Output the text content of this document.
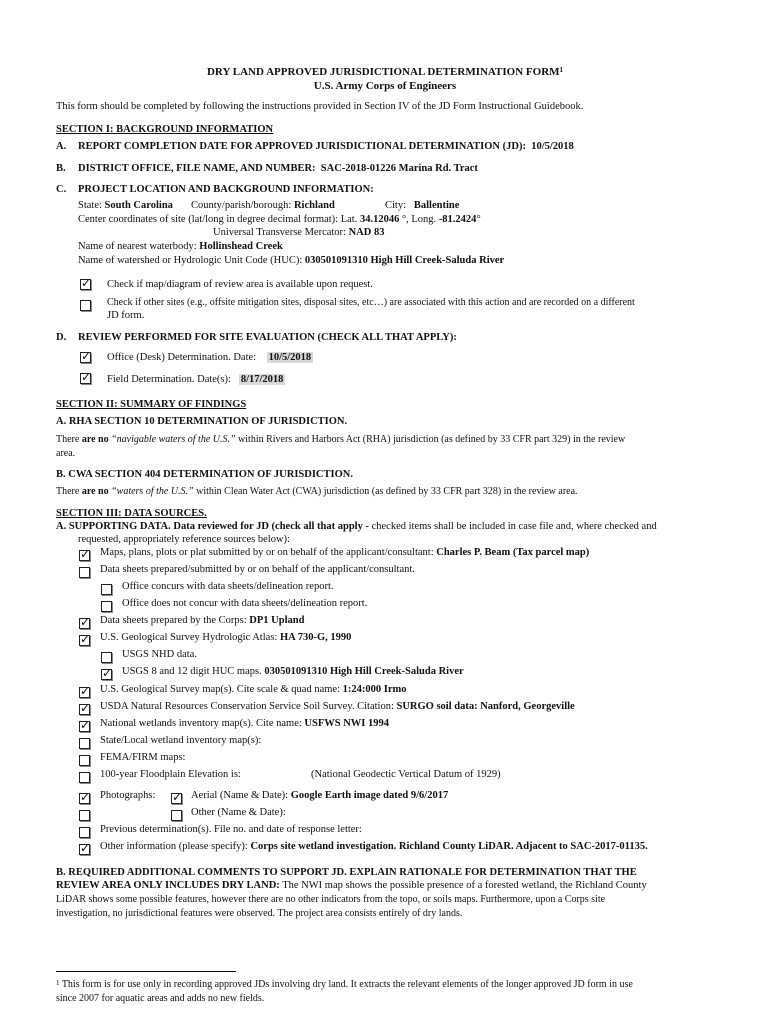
DRY LAND APPROVED JURISDICTIONAL DETERMINATION FORM$^1$
U.S. Army Corps of Engineers
This form should be completed by following the instructions provided in Section IV of the JD Form Instructional Guidebook.
SECTION I: BACKGROUND INFORMATION
A. REPORT COMPLETION DATE FOR APPROVED JURISDICTIONAL DETERMINATION (JD): 10/5/2018
B. DISTRICT OFFICE, FILE NAME, AND NUMBER: SAC-2018-01226 Marina Rd. Tract
C. PROJECT LOCATION AND BACKGROUND INFORMATION:
State: South Carolina County/parish/borough: Richland	City: Ballentine
Center coordinates of site (lat/long in degree decimal format): Lat. 34.12046 °, Long. -81.2424°
Universal Transverse Mercator: NAD 83
Name of nearest waterbody: Hollinshead Creek
Name of watershed or Hydrologic Unit Code (HUC): 030501091310 High Hill Creek-Saluda River
✓
Check if map/diagram of review area is available upon request.
Check if other sites (e.g., offsite mitigation sites, disposal sites, etc…) are associated with this action and are recorded on a different
JD form.
D. REVIEW PERFORMED FOR SITE EVALUATION (CHECK ALL THAT APPLY):
✓
Office (Desk) Determination. Date: 10/5/2018
✓
Field Determination. Date(s): 8/17/2018
SECTION II: SUMMARY OF FINDINGS
A. RHA SECTION 10 DETERMINATION OF JURISDICTION.
There are no “navigable waters of the U.S.” within Rivers and Harbors Act (RHA) jurisdiction (as defined by 33 CFR part 329) in the review
area.
B. CWA SECTION 404 DETERMINATION OF JURISDICTION.
There are no “waters of the U.S.” within Clean Water Act (CWA) jurisdiction (as defined by 33 CFR part 328) in the review area.
SECTION III: DATA SOURCES.
A. SUPPORTING DATA. Data reviewed for JD (check all that apply - checked items shall be included in case file and, where checked and
requested, appropriately reference sources below):
✓
Maps, plans, plots or plat submitted by or on behalf of the applicant/consultant: Charles P. Beam (Tax parcel map)
Data sheets prepared/submitted by or on behalf of the applicant/consultant.
Office concurs with data sheets/delineation report.
Office does not concur with data sheets/delineation report.
✓
Data sheets prepared by the Corps: DP1 Upland
✓
U.S. Geological Survey Hydrologic Atlas: HA 730-G, 1990
USGS NHD data.
✓
USGS 8 and 12 digit HUC maps. 030501091310 High Hill Creek-Saluda River
✓
U.S. Geological Survey map(s). Cite scale & quad name: 1:24:000 Irmo
✓
USDA Natural Resources Conservation Service Soil Survey. Citation: SURGO soil data: Nanford, Georgeville
✓
National wetlands inventory map(s). Cite name: USFWS NWI 1994
State/Local wetland inventory map(s):
FEMA/FIRM maps:
100-year Floodplain Elevation is:	(National Geodectic Vertical Datum of 1929)
✓
Photographs:
✓	Aerial (Name & Date): Google Earth image dated 9/6/2017
Other (Name & Date):
Previous determination(s). File no. and date of response letter:
✓
Other information (please specify): Corps site wetland investigation. Richland County LiDAR. Adjacent to SAC-2017-01135.
B. REQUIRED ADDITIONAL COMMENTS TO SUPPORT JD. EXPLAIN RATIONALE FOR DETERMINATION THAT THE
REVIEW AREA ONLY INCLUDES DRY LAND: The NWI map shows the possible presence of a forested wetland, the Richland County
LiDAR shows some possible features, however there are no other indicators from the topo, or soils maps. Furthermore, upon a Corps site
investigation, no jurisdictional features were observed. The project area consists entirely of dry lands.
$^1$ This form is for use only in recording approved JDs involving dry land. It extracts the relevant elements of the longer approved JD form in use
since 2007 for aquatic areas and adds no new fields.
